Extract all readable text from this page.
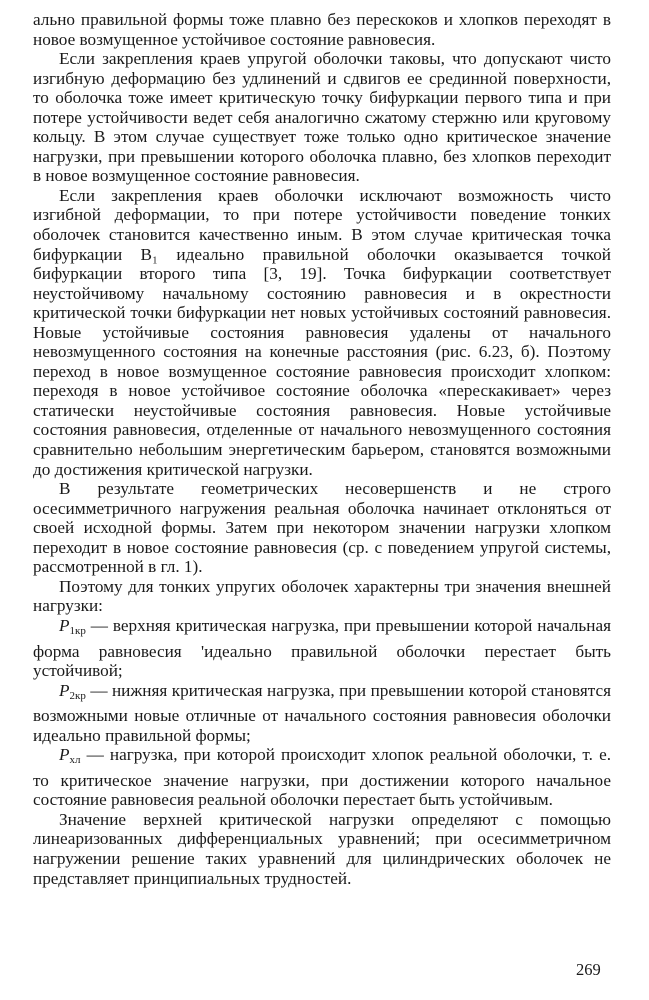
ально правильной формы тоже плавно без перескоков и хлопков переходят в новое возмущенное устойчивое состояние равновесия.

Если закрепления краев упругой оболочки таковы, что допускают чисто изгибную деформацию без удлинений и сдвигов ее срединной поверхности, то оболочка тоже имеет критическую точку бифуркации первого типа и при потере устойчивости ведет себя аналогично сжатому стержню или круговому кольцу. В этом случае существует тоже только одно критическое значение нагрузки, при превышении которого оболочка плавно, без хлопков переходит в новое возмущенное состояние равновесия.

Если закрепления краев оболочки исключают возможность чисто изгибной деформации, то при потере устойчивости поведение тонких оболочек становится качественно иным. В этом случае критическая точка бифуркации B₁ идеально правильной оболочки оказывается точкой бифуркации второго типа [3, 19]. Точка бифуркации соответствует неустойчивому начальному состоянию равновесия и в окрестности критической точки бифуркации нет новых устойчивых состояний равновесия. Новые устойчивые состояния равновесия удалены от начального невозмущенного состояния на конечные расстояния (рис. 6.23, б). Поэтому переход в новое возмущенное состояние равновесия происходит хлопком: переходя в новое устойчивое состояние оболочка «перескакивает» через статически неустойчивые состояния равновесия. Новые устойчивые состояния равновесия, отделенные от начального невозмущенного состояния сравнительно небольшим энергетическим барьером, становятся возможными до достижения критической нагрузки.

В результате геометрических несовершенств и не строго осесимметричного нагружения реальная оболочка начинает отклоняться от своей исходной формы. Затем при некотором значении нагрузки хлопком переходит в новое состояние равновесия (ср. с поведением упругой системы, рассмотренной в гл. 1).

Поэтому для тонких упругих оболочек характерны три значения внешней нагрузки:

$P_{1кр}$ — верхняя критическая нагрузка, при превышении которой начальная форма равновесия 'идеально правильной оболочки перестает быть устойчивой;

$P_{2кр}$ — нижняя критическая нагрузка, при превышении которой становятся возможными новые отличные от начального состояния равновесия оболочки идеально правильной формы;

$P_{хл}$ — нагрузка, при которой происходит хлопок реальной оболочки, т. е. то критическое значение нагрузки, при достижении которого начальное состояние равновесия реальной оболочки перестает быть устойчивым.

Значение верхней критической нагрузки определяют с помощью линеаризованных дифференциальных уравнений; при осесимметричном нагружении решение таких уравнений для цилиндрических оболочек не представляет принципиальных трудностей.

269
